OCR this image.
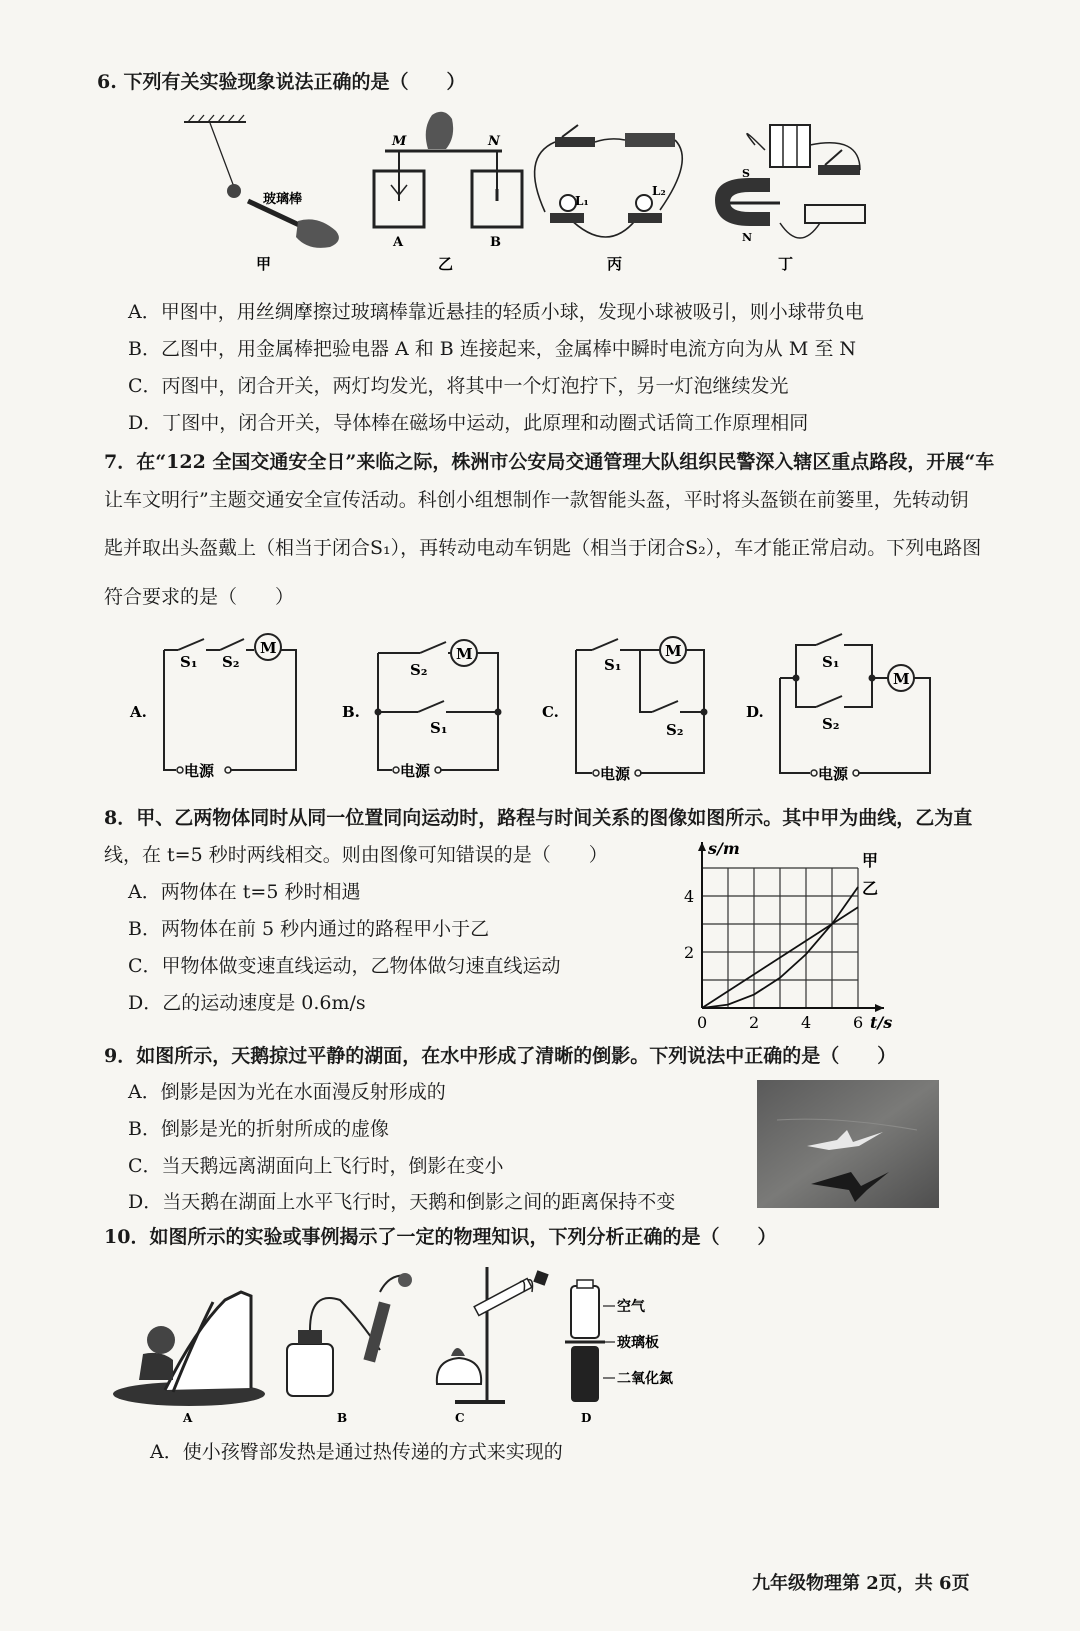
6. 下列有关实验现象说法正确的是（　　）
玻璃棒
甲
M	N
A	B
乙
L₁
L₂
丙
S
N
丁
A．甲图中，用丝绸摩擦过玻璃棒靠近悬挂的轻质小球，发现小球被吸引，则小球带负电
B．乙图中，用金属棒把验电器 A 和 B 连接起来，金属棒中瞬时电流方向为从 M 至 N
C．丙图中，闭合开关，两灯均发光，将其中一个灯泡拧下，另一灯泡继续发光
D．丁图中，闭合开关，导体棒在磁场中运动，此原理和动圈式话筒工作原理相同
7．在“122 全国交通安全日”来临之际，株洲市公安局交通管理大队组织民警深入辖区重点路段，开展“车
让车文明行”主题交通安全宣传活动。科创小组想制作一款智能头盔，平时将头盔锁在前篓里，先转动钥
匙并取出头盔戴上（相当于闭合S₁），再转动电动车钥匙（相当于闭合S₂），车才能正常启动。下列电路图
符合要求的是（　　）
A.
M
电源
S₁ S₂
B.
M
电源
S₂
S₁
C.
M
电源
S₁
S₂
D.
M
电源
S₁
S₂
8．甲、乙两物体同时从同一位置同向运动时，路程与时间关系的图像如图所示。其中甲为曲线，乙为直
线，在 t=5 秒时两线相交。则由图像可知错误的是（　　）
A．两物体在 t=5 秒时相遇
B．两物体在前 5 秒内通过的路程甲小于乙
C．甲物体做变速直线运动，乙物体做匀速直线运动
D．乙的运动速度是 0.6m/s
0	2	4	6
2
4
t/s
s/m
甲
乙
9．如图所示，天鹅掠过平静的湖面，在水中形成了清晰的倒影。下列说法中正确的是（　　）
A．倒影是因为光在水面漫反射形成的
B．倒影是光的折射所成的虚像
C．当天鹅远离湖面向上飞行时，倒影在变小
D．当天鹅在湖面上水平飞行时，天鹅和倒影之间的距离保持不变
10．如图所示的实验或事例揭示了一定的物理知识，下列分析正确的是（　　）
A	B	C
空气
玻璃板
二氧化氮
D
A．使小孩臀部发热是通过热传递的方式来实现的
九年级物理第 2页，共 6页
